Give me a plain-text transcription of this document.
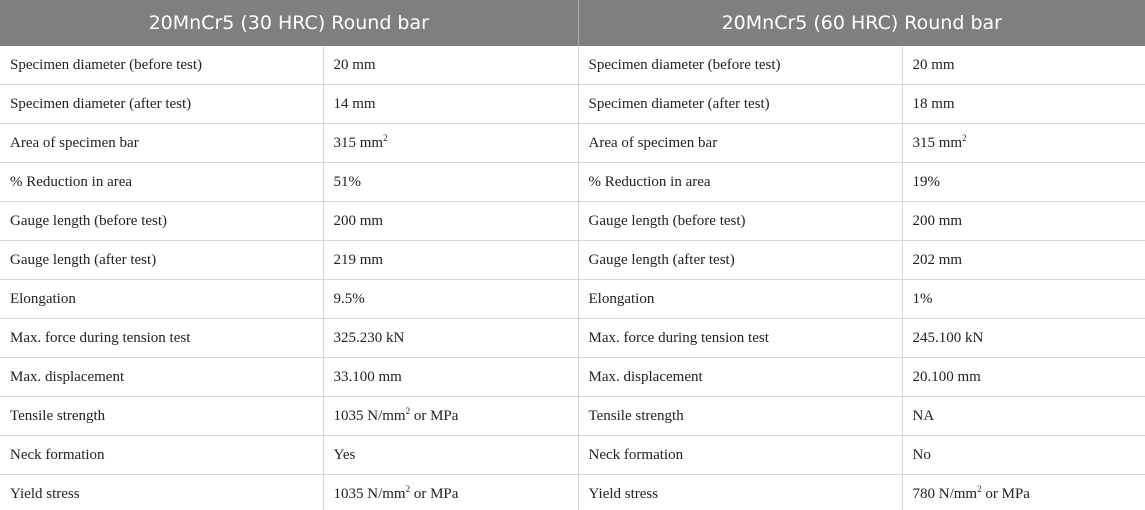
20MnCr5 (30 HRC) Round bar		20MnCr5 (60 HRC) Round bar	
Specimen diameter (before test)	20 mm	Specimen diameter (before test)	20 mm
Specimen diameter (after test)	14 mm	Specimen diameter (after test)	18 mm
Area of specimen bar	315 $mm^2$	Area of specimen bar	315 $mm^2$
% Reduction in area	51%	% Reduction in area	19%
Gauge length (before test)	200 mm	Gauge length (before test)	200 mm
Gauge length (after test)	219 mm	Gauge length (after test)	202 mm
Elongation	9.5%	Elongation	1%
Max. force during tension test	325.230 kN	Max. force during tension test	245.100 kN
Max. displacement	33.100 mm	Max. displacement	20.100 mm
Tensile strength	1035 $N/mm^2$ or MPa	Tensile strength	NA
Neck formation	Yes	Neck formation	No
Yield stress	1035 $N/mm^2$ or MPa	Yield stress	780 $N/mm^2$ or MPa
